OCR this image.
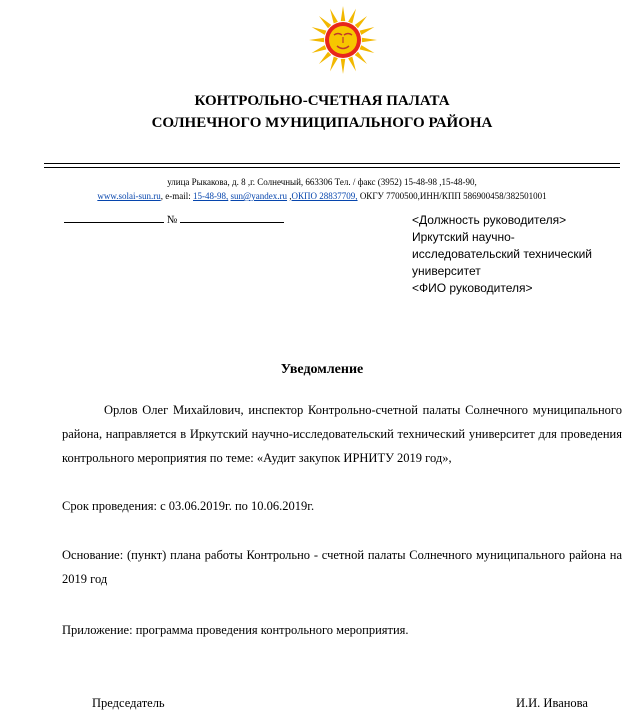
КОНТРОЛЬНО-СЧЕТНАЯ ПАЛАТА
СОЛНЕЧНОГО МУНИЦИПАЛЬНОГО РАЙОНА
улица Рыкакова, д. 8 ,г. Солнечный, 663306 Тел. / факс (3952) 15-48-98 ,15-48-90,
www.solai-sun.ru, e-mail: 15-48-98, sun@yandex.ru ,ОКПО 28837709, ОКГУ 7700500,ИНН/КПП 586900458/382501001
№	<Должность руководителя>
Иркутский научно-
исследовательский технический
университет
<ФИО руководителя>
Уведомление
Орлов Олег Михайлович, инспектор Контрольно-счетной палаты Солнечного муниципального района, направляется в Иркутский научно-исследовательский технический университет для проведения контрольного мероприятия по теме: «Аудит закупок ИРНИТУ 2019 год»,
Срок проведения: с 03.06.2019г. по 10.06.2019г.
Основание: (пункт) плана работы Контрольно - счетной палаты Солнечного муниципального района на 2019 год
Приложение: программа проведения контрольного мероприятия.
Председатель	И.И. Иванова
